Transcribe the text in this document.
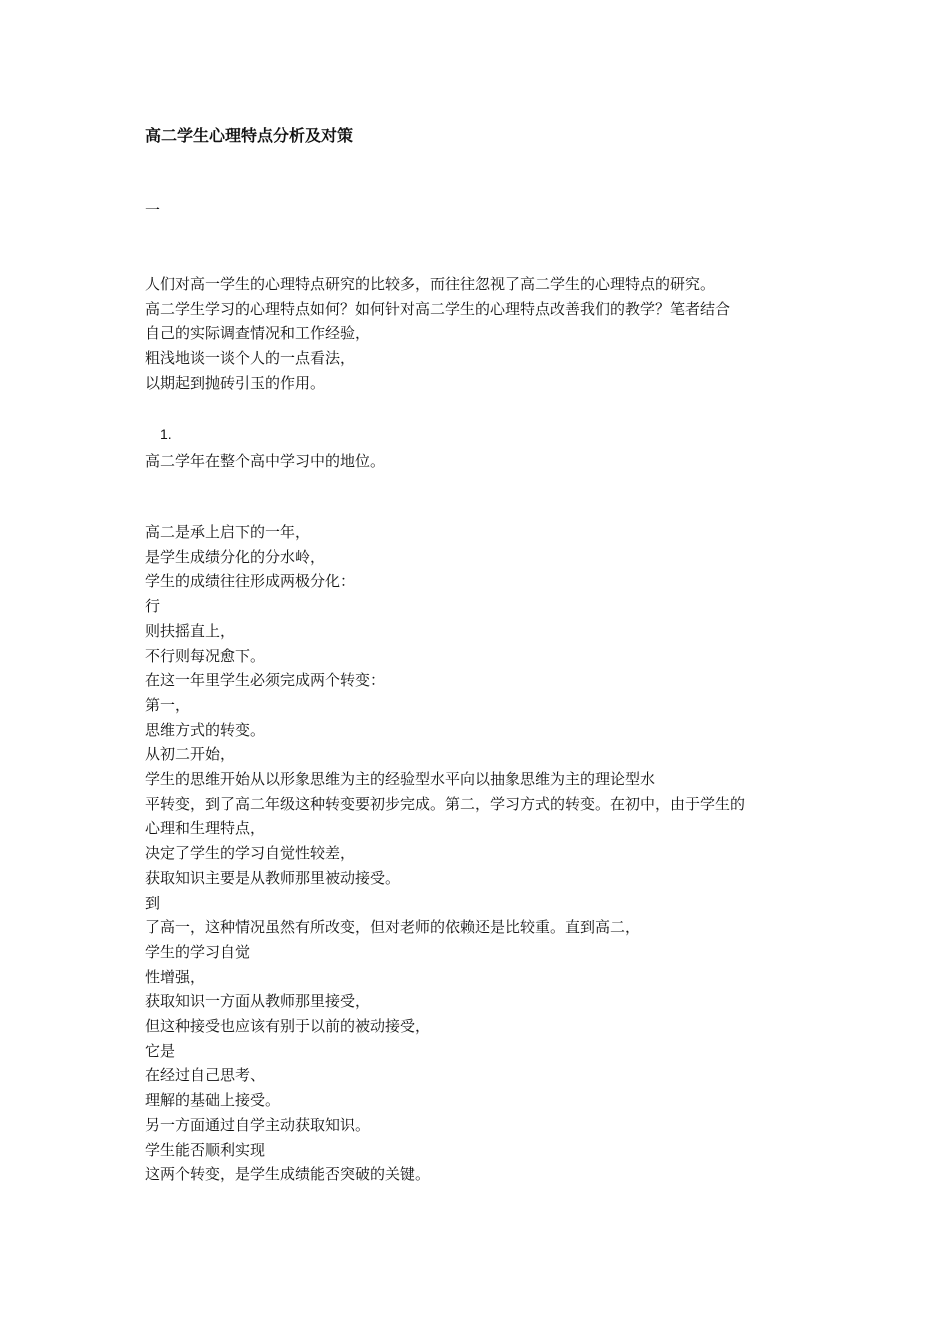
高二学生心理特点分析及对策
一
人们对高一学生的心理特点研究的比较多，而往往忽视了高二学生的心理特点的研究。
高二学生学习的心理特点如何？如何针对高二学生的心理特点改善我们的教学？笔者结合
自己的实际调查情况和工作经验，
粗浅地谈一谈个人的一点看法，
以期起到抛砖引玉的作用。
1.
高二学年在整个高中学习中的地位。
高二是承上启下的一年，
是学生成绩分化的分水岭，
学生的成绩往往形成两极分化：
行
则扶摇直上，
不行则每况愈下。
在这一年里学生必须完成两个转变：
第一，
思维方式的转变。
从初二开始，
学生的思维开始从以形象思维为主的经验型水平向以抽象思维为主的理论型水
平转变，到了高二年级这种转变要初步完成。第二，学习方式的转变。在初中，由于学生的
心理和生理特点，
决定了学生的学习自觉性较差，
获取知识主要是从教师那里被动接受。
到
了高一，这种情况虽然有所改变，但对老师的依赖还是比较重。直到高二，
学生的学习自觉
性增强，
获取知识一方面从教师那里接受，
但这种接受也应该有别于以前的被动接受，
它是
在经过自己思考、
理解的基础上接受。
另一方面通过自学主动获取知识。
学生能否顺利实现
这两个转变，是学生成绩能否突破的关键。
